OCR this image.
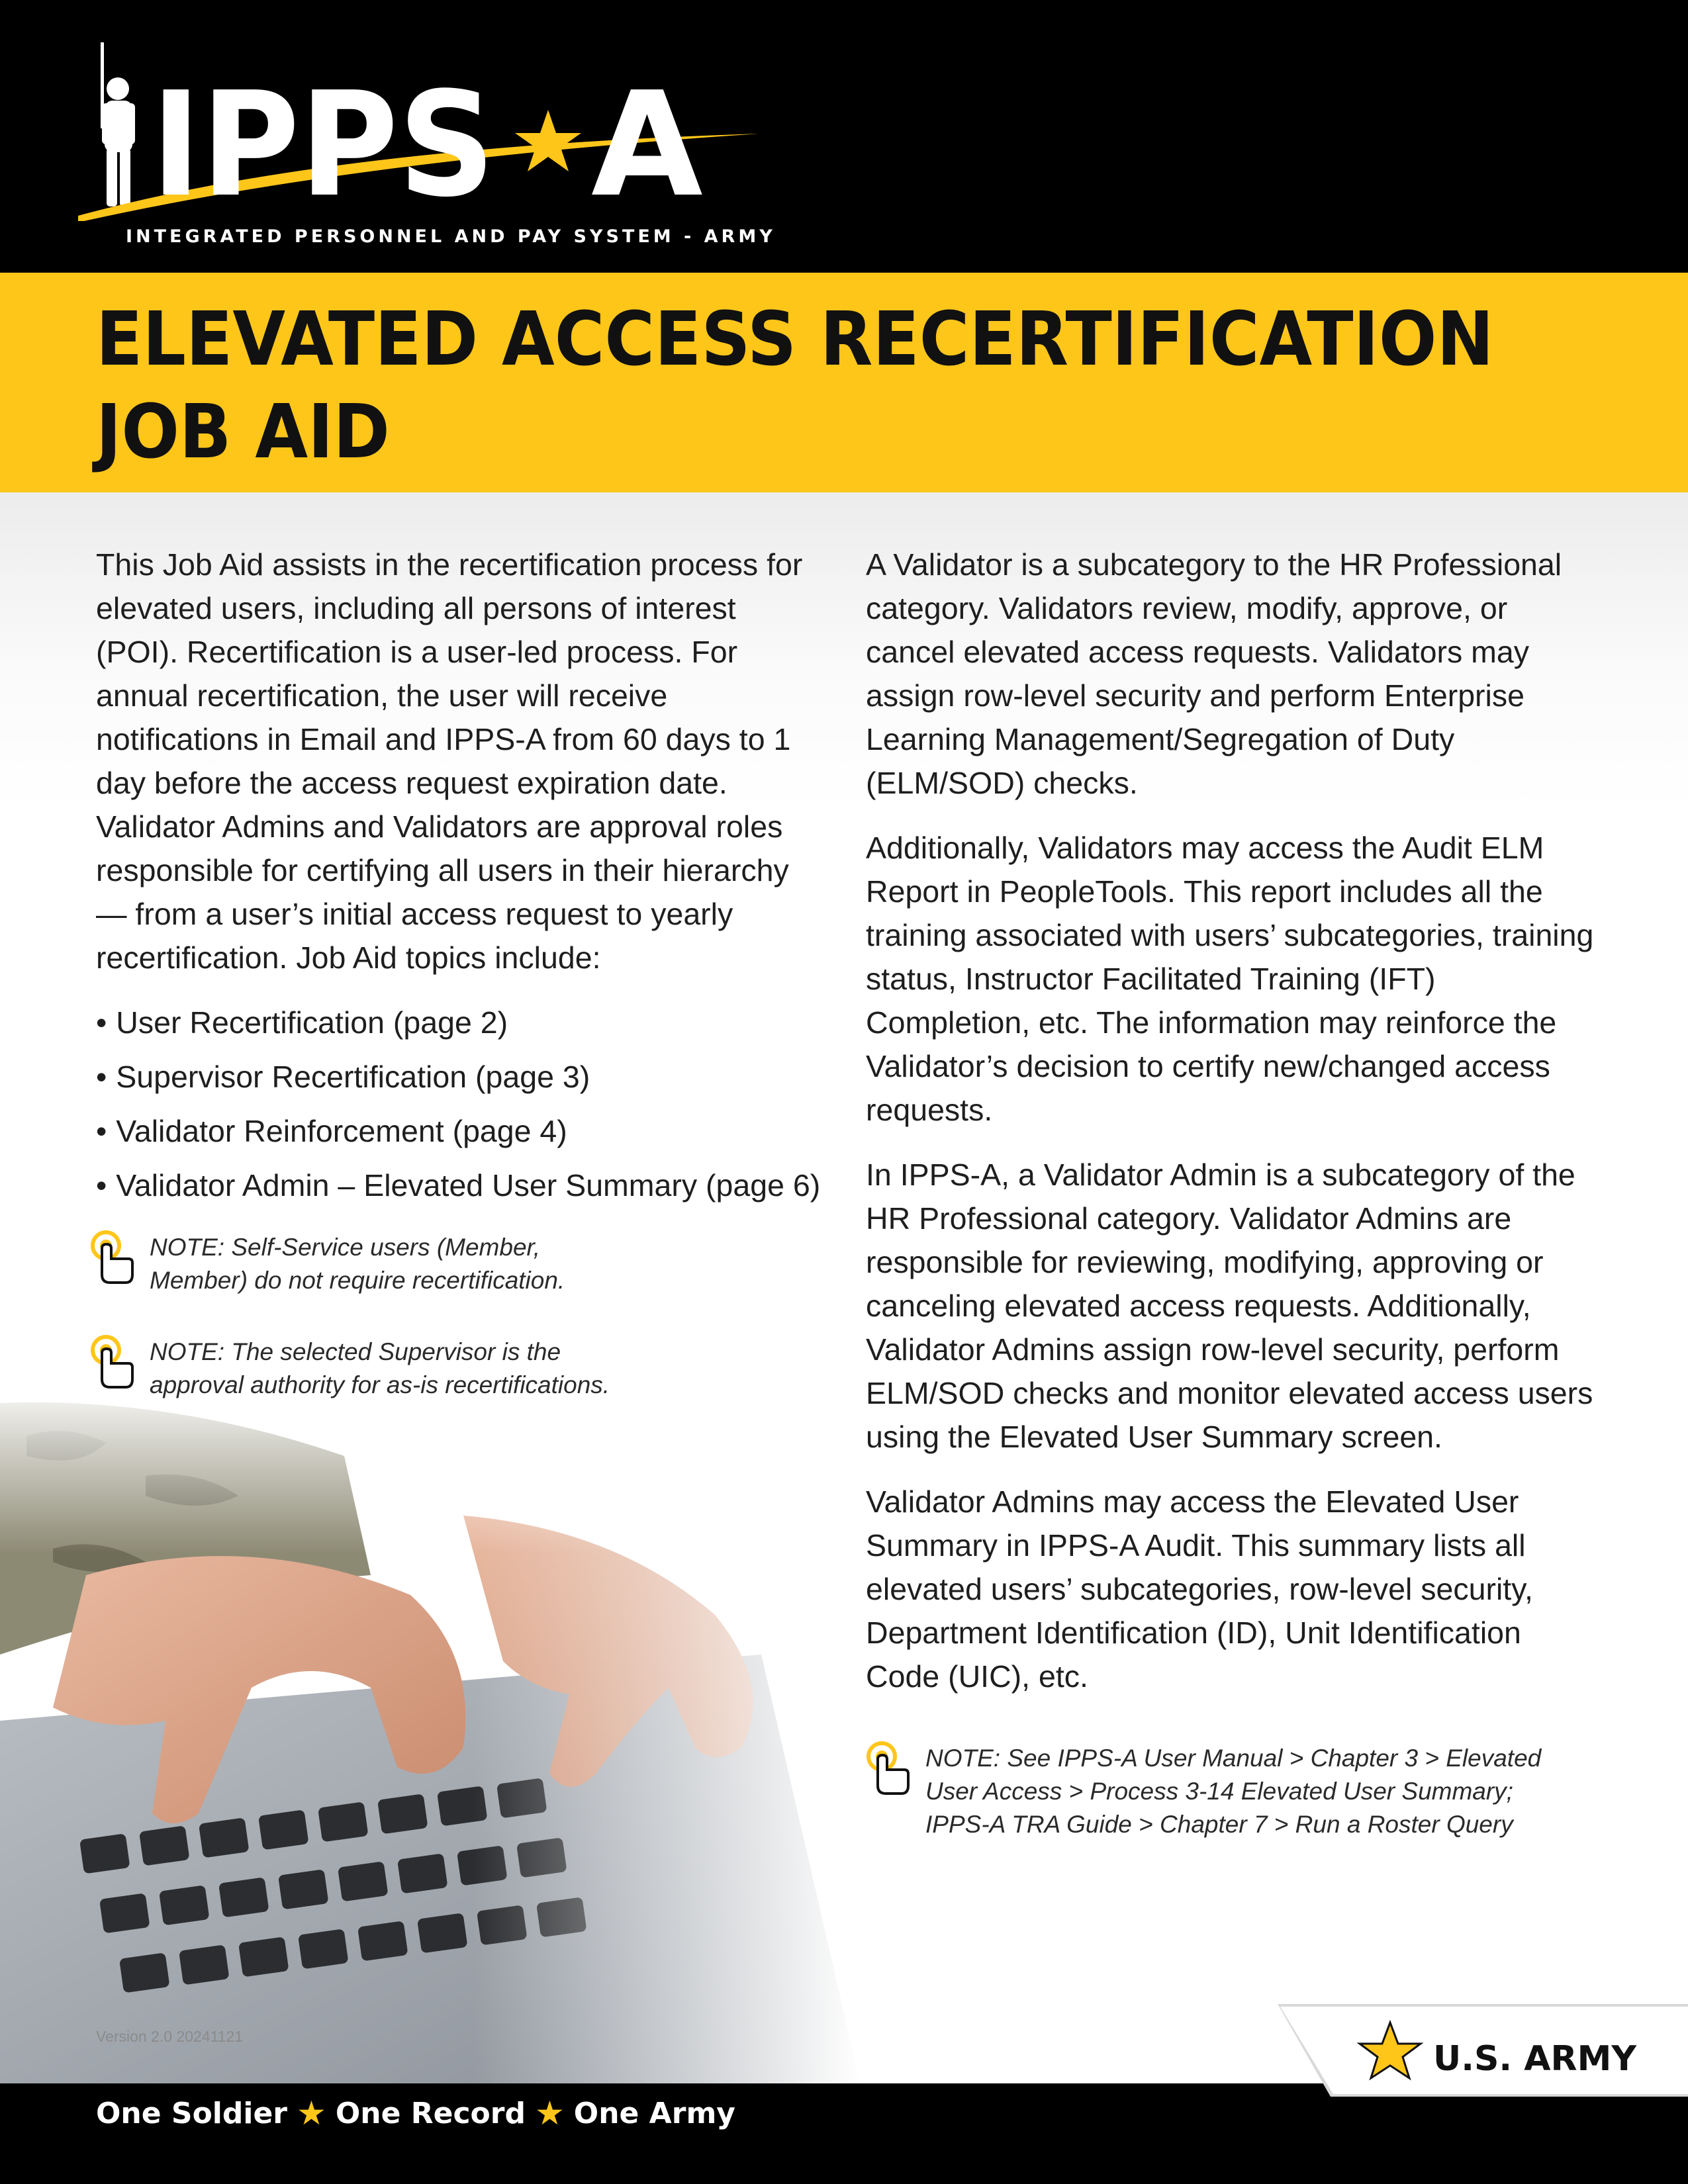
IPPS A
INTEGRATED PERSONNEL AND PAY SYSTEM - ARMY
ELEVATED ACCESS RECERTIFICATION
JOB AID

This Job Aid assists in the recertification process for elevated users, including all persons of interest (POI). Recertification is a user-led process. For annual recertification, the user will receive notifications in Email and IPPS-A from 60 days to 1 day before the access request expiration date. Validator Admins and Validators are approval roles responsible for certifying all users in their hierarchy — from a user’s initial access request to yearly recertification. Job Aid topics include:

• User Recertification (page 2)
• Supervisor Recertification (page 3)
• Validator Reinforcement (page 4)
• Validator Admin – Elevated User Summary (page 6)
NOTE: Self-Service users (Member, Member) do not require recertification.
NOTE: The selected Supervisor is the approval authority for as-is recertifications.

A Validator is a subcategory to the HR Professional category. Validators review, modify, approve, or cancel elevated access requests. Validators may assign row-level security and perform Enterprise Learning Management/Segregation of Duty (ELM/SOD) checks.

Additionally, Validators may access the Audit ELM Report in PeopleTools. This report includes all the training associated with users’ subcategories, training status, Instructor Facilitated Training (IFT) Completion, etc. The information may reinforce the Validator’s decision to certify new/changed access requests.

In IPPS-A, a Validator Admin is a subcategory of the HR Professional category. Validator Admins are responsible for reviewing, modifying, approving or canceling elevated access requests. Additionally, Validator Admins assign row-level security, perform ELM/SOD checks and monitor elevated access users using the Elevated User Summary screen.

Validator Admins may access the Elevated User Summary in IPPS-A Audit. This summary lists all elevated users’ subcategories, row-level security, Department Identification (ID), Unit Identification Code (UIC), etc.

NOTE: See IPPS-A User Manual > Chapter 3 > Elevated User Access > Process 3-14 Elevated User Summary; IPPS-A TRA Guide > Chapter 7 > Run a Roster Query
Version 2.0 20241121
One Soldier ★ One Record ★ One Army
U.S. ARMY
